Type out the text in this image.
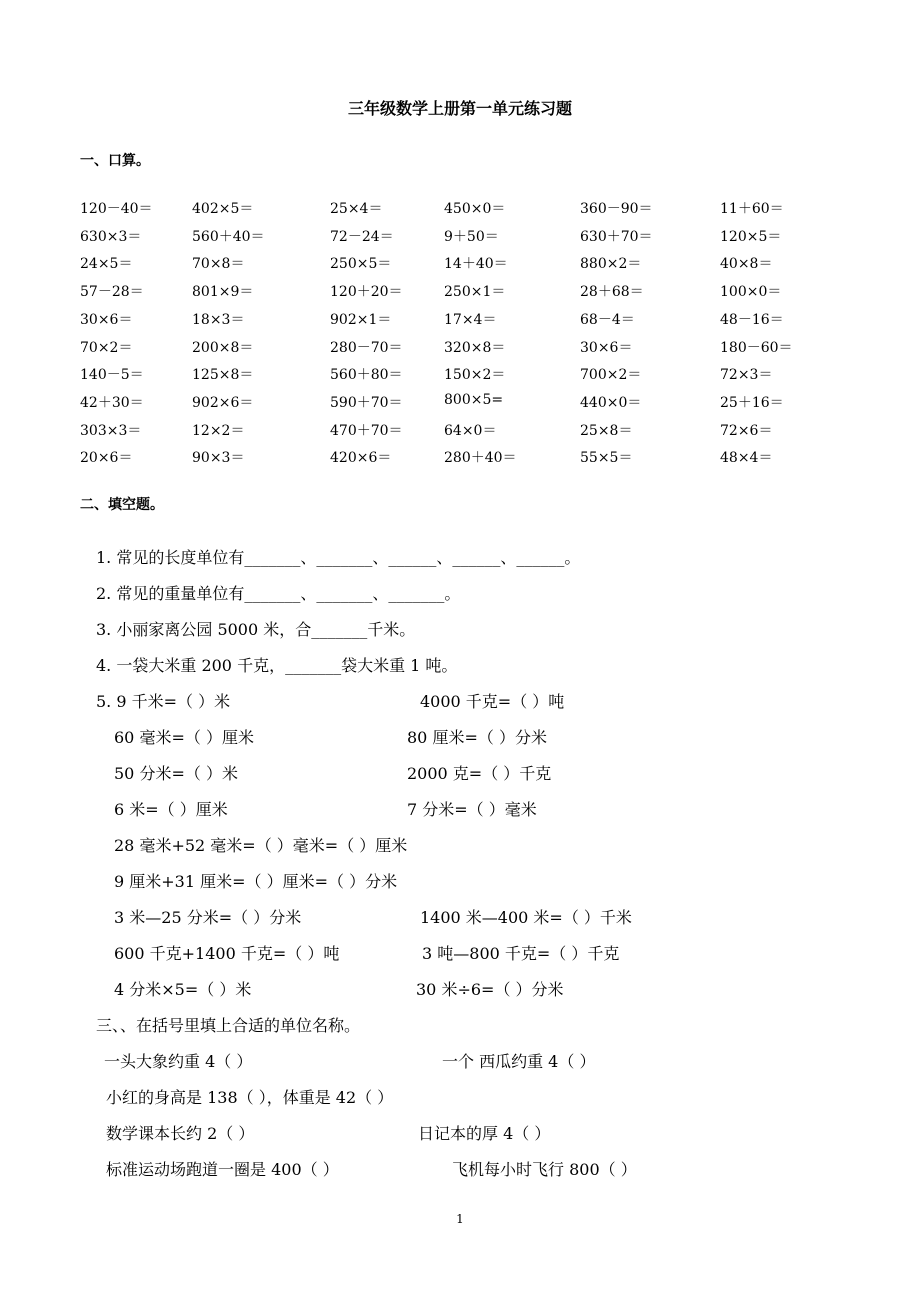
三年级数学上册第一单元练习题
一、口算。
120－40＝	402×5＝	25×4＝	450×0＝	360－90＝	11＋60＝
630×3＝	560＋40＝	72－24＝	9＋50＝	630＋70＝	120×5＝
24×5＝	70×8＝	250×5＝	14＋40＝	880×2＝	40×8＝
57－28＝	801×9＝	120＋20＝	250×1＝	28＋68＝	100×0＝
30×6＝	18×3＝	902×1＝	17×4＝	68－4＝	48－16＝
70×2＝	200×8＝	280－70＝	320×8＝	30×6＝	180－60＝
140－5＝	125×8＝	560＋80＝	150×2＝	700×2＝	72×3＝
42＋30＝	902×6＝	590＋70＝	800×5=	440×0＝	25＋16＝
303×3＝	12×2＝	470＋70＝	64×0＝	25×8＝	72×6＝
20×6＝	90×3＝	420×6＝	280＋40＝	55×5＝	48×4＝
二、填空题。
1. 常见的长度单位有_______、_______、______、______、______。
2. 常见的重量单位有_______、_______、_______。
3. 小丽家离公园 5000 米，合_______千米。
4. 一袋大米重 200 千克，_______袋大米重 1 吨。
5. 9 千米=（ ）米	4000 千克=（ ）吨
60 毫米=（ ）厘米	80 厘米=（ ）分米
50 分米=（ ）米	2000 克=（ ）千克
6 米=（ ）厘米	7 分米=（ ）毫米
28 毫米+52 毫米=（ ）毫米=（ ）厘米
9 厘米+31 厘米=（ ）厘米=（ ）分米
3 米—25 分米=（ ）分米	1400 米—400 米=（ ）千米
600 千克+1400 千克=（ ）吨	3 吨—800 千克=（ ）千克
4 分米×5=（ ）米	30 米÷6=（ ）分米
三、、在括号里填上合适的单位名称。
一头大象约重 4（ ）	一个 西瓜约重 4（ ）
小红的身高是 138（ ），体重是 42（ ）
数学课本长约 2（ ）	日记本的厚 4（ ）
标准运动场跑道一圈是 400（ ）	飞机每小时飞行 800（ ）
1
